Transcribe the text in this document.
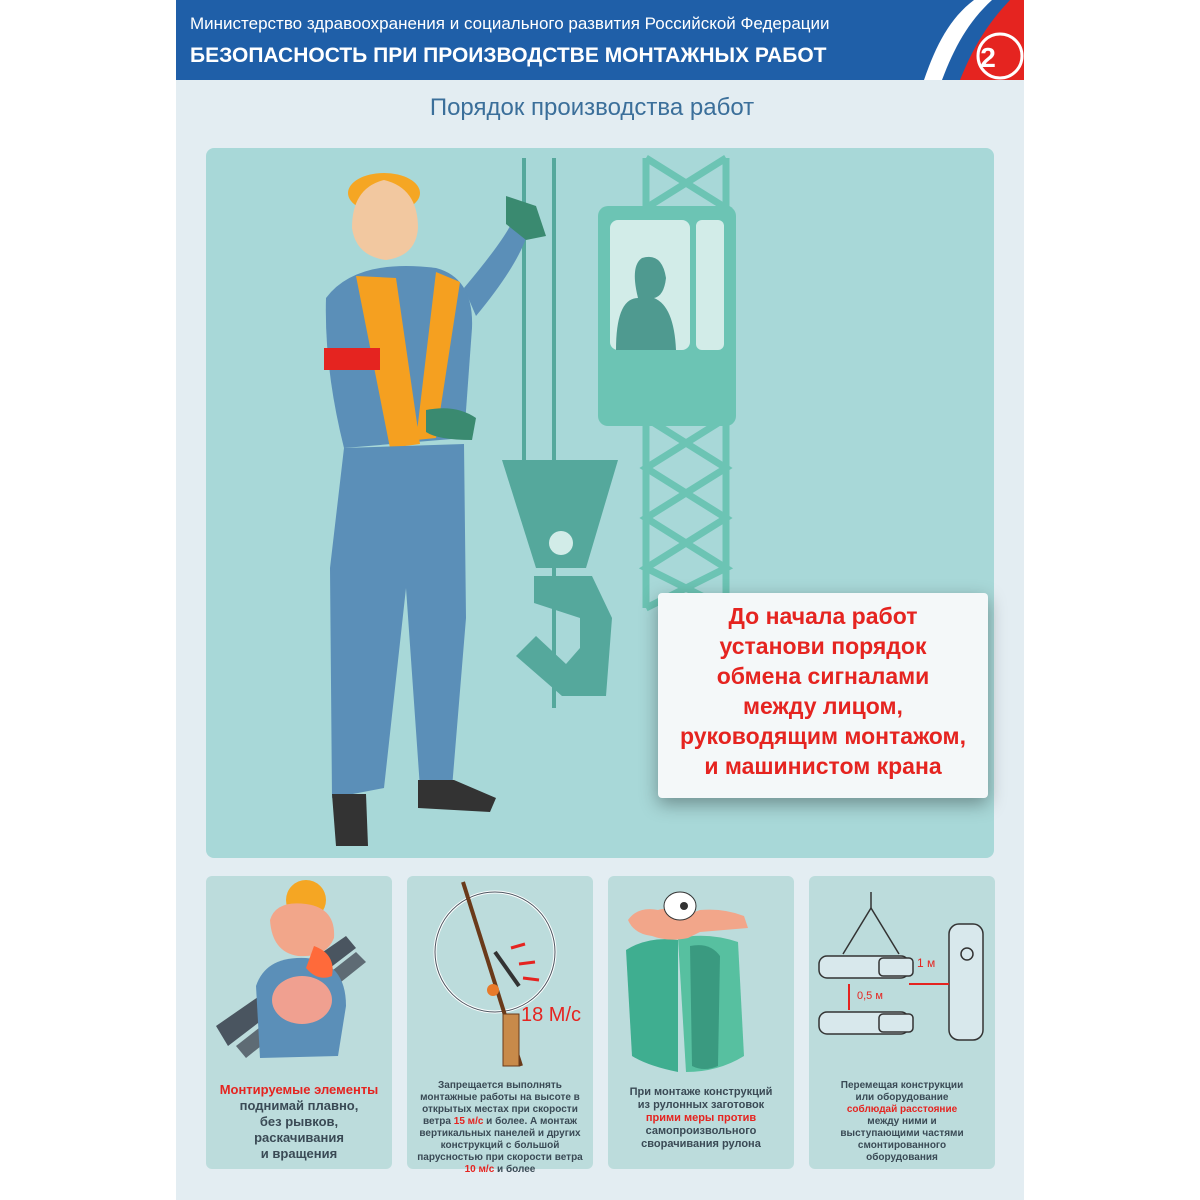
Министерство здравоохранения и социального развития Российской Федерации
БЕЗОПАСНОСТЬ ПРИ ПРОИЗВОДСТВЕ МОНТАЖНЫХ РАБОТ	2
Порядок производства работ
До начала работ
установи порядок
обмена сигналами
между лицом,
руководящим монтажом,
и машинистом крана
Монтируемые элементы
поднимай плавно,
без рывков,
раскачивания
и вращения
18 М/с
Запрещается выполнять монтажные работы на высоте в открытых местах при скорости ветра 15 м/с и более. А монтаж вертикальных панелей и других конструкций с большой парусностью при скорости ветра 10 м/с и более
При монтаже конструкций
из рулонных заготовок
прими меры против
самопроизвольного
сворачивания рулона
1 м
0,5 м
Перемещая конструкции
или оборудование
соблюдай расстояние
между ними и
выступающими частями
смонтированного
оборудования
